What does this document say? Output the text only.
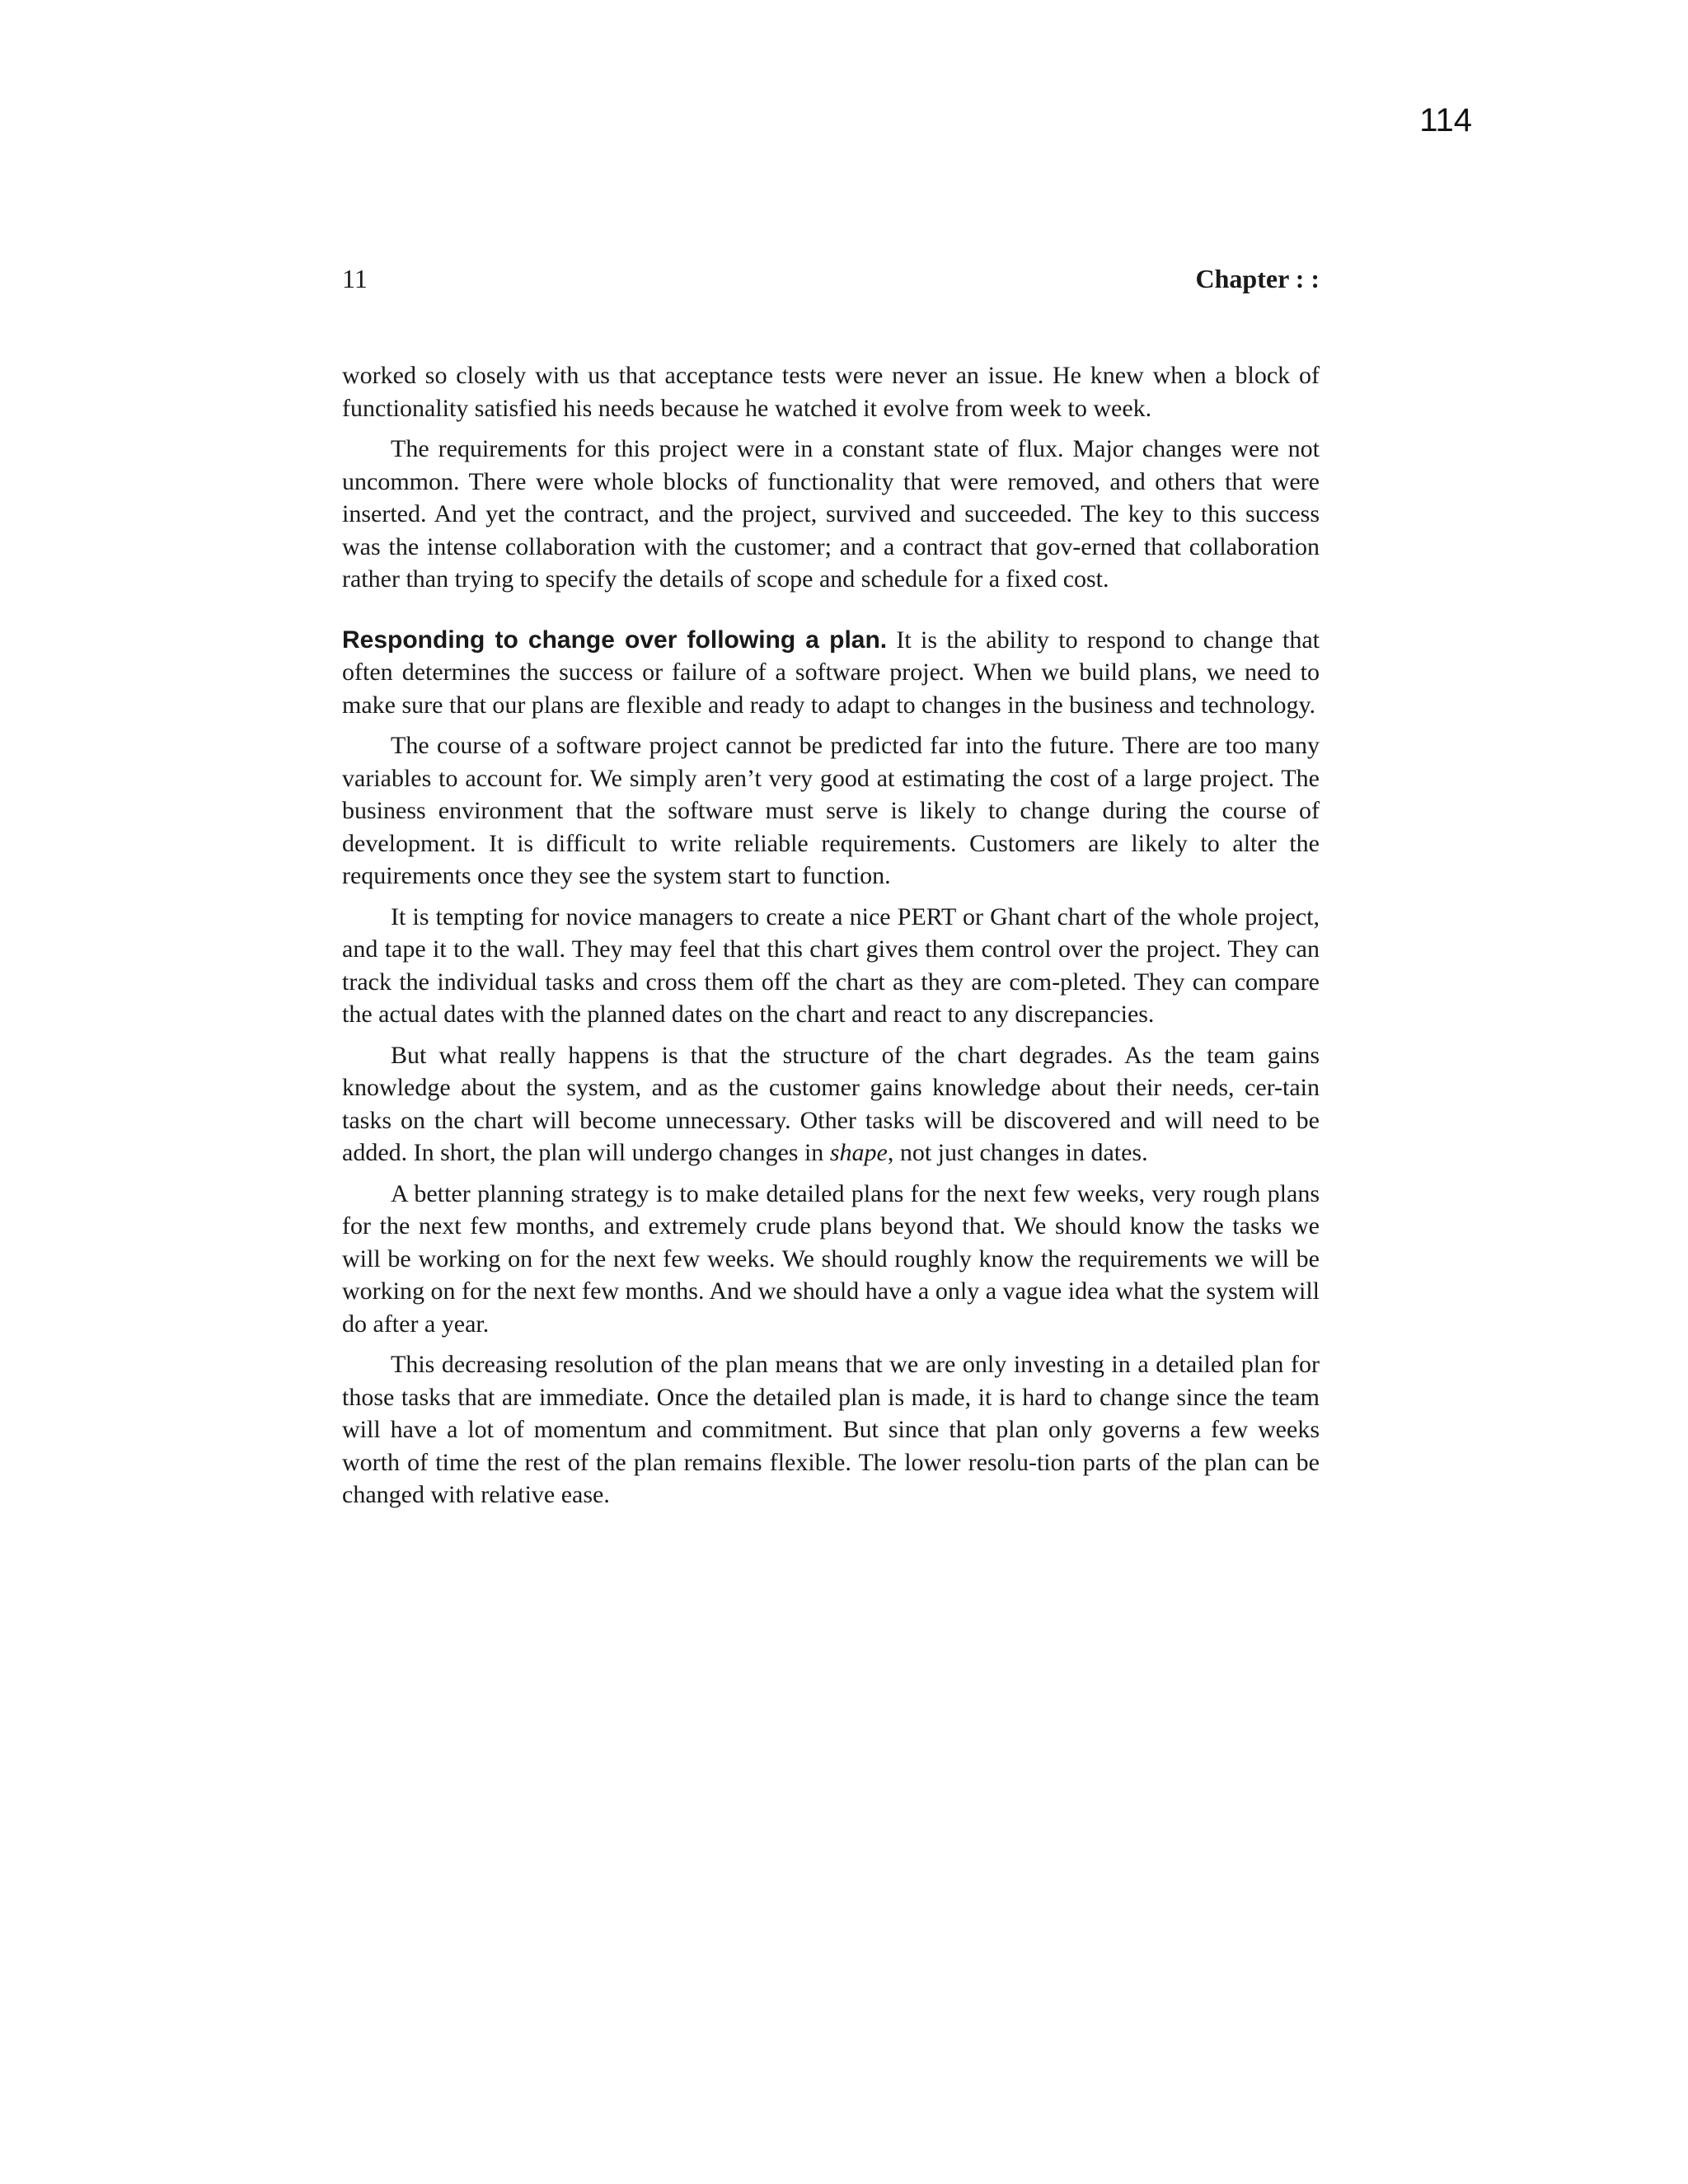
114
11	Chapter : :

worked so closely with us that acceptance tests were never an issue. He knew when a block of functionality satisfied his needs because he watched it evolve from week to week.

The requirements for this project were in a constant state of flux. Major changes were not uncommon. There were whole blocks of functionality that were removed, and others that were inserted. And yet the contract, and the project, survived and succeeded. The key to this success was the intense collaboration with the customer; and a contract that gov-erned that collaboration rather than trying to specify the details of scope and schedule for a fixed cost.

Responding to change over following a plan. It is the ability to respond to change that often determines the success or failure of a software project. When we build plans, we need to make sure that our plans are flexible and ready to adapt to changes in the business and technology.

The course of a software project cannot be predicted far into the future. There are too many variables to account for. We simply aren’t very good at estimating the cost of a large project. The business environment that the software must serve is likely to change during the course of development. It is difficult to write reliable requirements. Customers are likely to alter the requirements once they see the system start to function.

It is tempting for novice managers to create a nice PERT or Ghant chart of the whole project, and tape it to the wall. They may feel that this chart gives them control over the project. They can track the individual tasks and cross them off the chart as they are com-pleted. They can compare the actual dates with the planned dates on the chart and react to any discrepancies.

But what really happens is that the structure of the chart degrades. As the team gains knowledge about the system, and as the customer gains knowledge about their needs, cer-tain tasks on the chart will become unnecessary. Other tasks will be discovered and will need to be added. In short, the plan will undergo changes in shape, not just changes in dates.

A better planning strategy is to make detailed plans for the next few weeks, very rough plans for the next few months, and extremely crude plans beyond that. We should know the tasks we will be working on for the next few weeks. We should roughly know the requirements we will be working on for the next few months. And we should have a only a vague idea what the system will do after a year.

This decreasing resolution of the plan means that we are only investing in a detailed plan for those tasks that are immediate. Once the detailed plan is made, it is hard to change since the team will have a lot of momentum and commitment. But since that plan only governs a few weeks worth of time the rest of the plan remains flexible. The lower resolu-tion parts of the plan can be changed with relative ease.
